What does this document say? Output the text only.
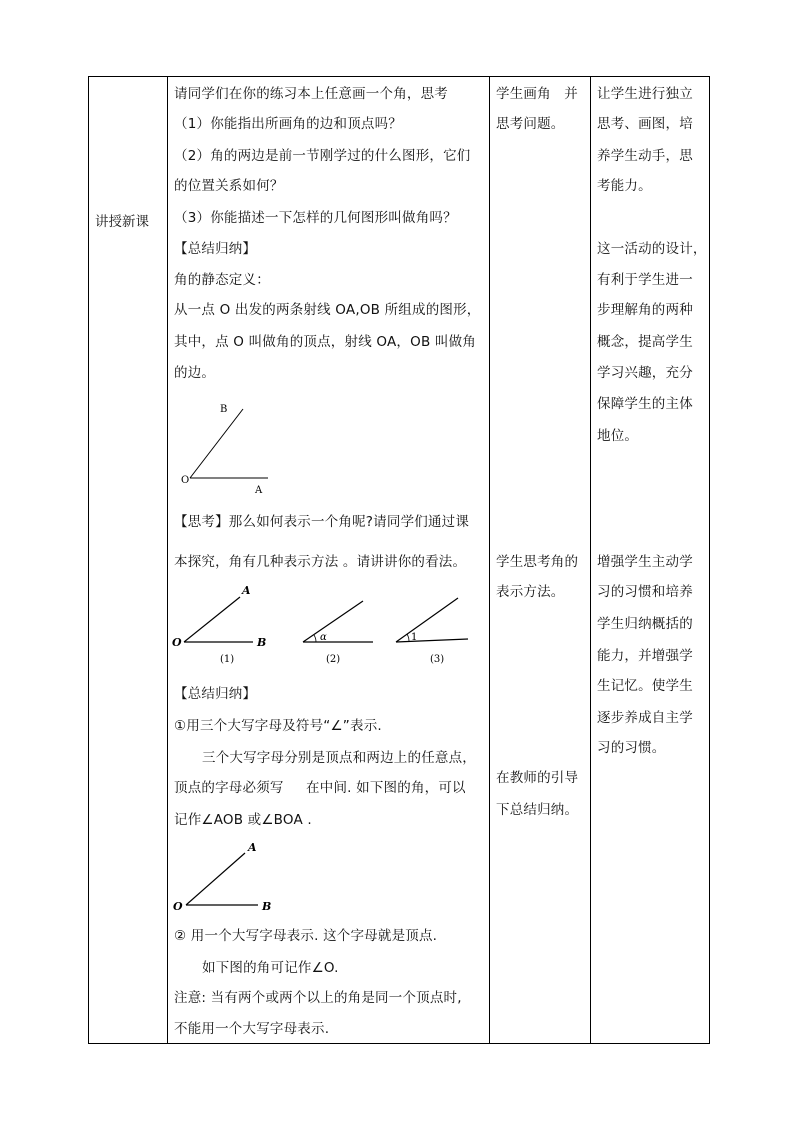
讲授新课

请同学们在你的练习本上任意画一个角，思考
（1）你能指出所画角的边和顶点吗？
（2）角的两边是前一节刚学过的什么图形，它们
的位置关系如何？
（3）你能描述一下怎样的几何图形叫做角吗？
【总结归纳】
角的静态定义：
从一点 O 出发的两条射线 OA,OB 所组成的图形，
其中，点 O 叫做角的顶点，射线 OA，OB 叫做角
的边。
B
O
A
【思考】那么如何表示一个角呢?请同学们通过课
本探究，角有几种表示方法 。请讲讲你的看法。
A
O	B	α	1
(1)	(2)	(3)
【总结归纳】
①用三个大写字母及符号“∠”表示.
三个大写字母分别是顶点和两边上的任意点，
顶点的字母必须写     在中间. 如下图的角，可以
记作∠AOB 或∠BOA .
A
O	B
② 用一个大写字母表示. 这个字母就是顶点.
如下图的角可记作∠O.
注意: 当有两个或两个以上的角是同一个顶点时,
不能用一个大写字母表示.

学生画角   并
思考问题。
学生思考角的
表示方法。
在教师的引导
下总结归纳。

让学生进行独立
思考、画图，培
养学生动手，思
考能力。
这一活动的设计，
有利于学生进一
步理解角的两种
概念，提高学生
学习兴趣，充分
保障学生的主体
地位。
增强学生主动学
习的习惯和培养
学生归纳概括的
能力，并增强学
生记忆。使学生
逐步养成自主学
习的习惯。
